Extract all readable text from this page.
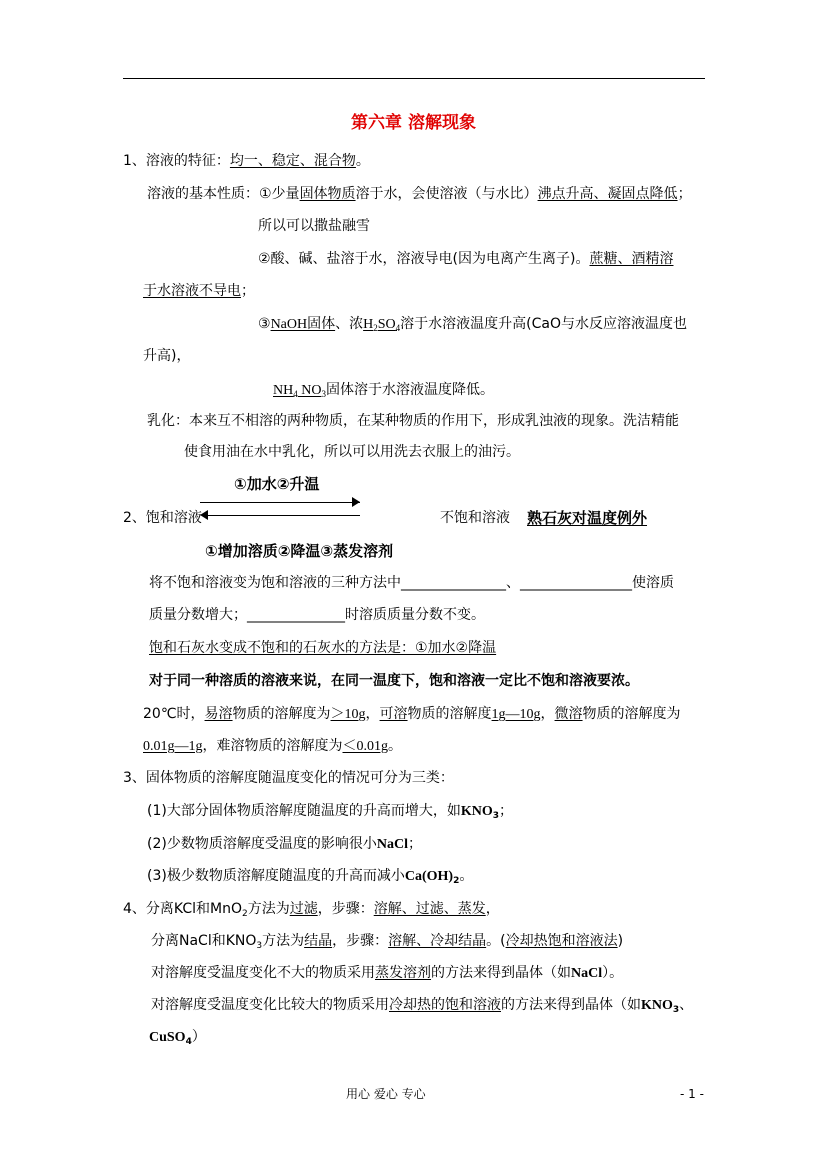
第六章 溶解现象
1、溶液的特征：均一、稳定、混合物。
溶液的基本性质：①少量固体物质溶于水，会使溶液（与水比）沸点升高、凝固点降低；
所以可以撒盐融雪
②酸、碱、盐溶于水，溶液导电(因为电离产生离子)。蔗糖、酒精溶
于水溶液不导电；
③NaOH固体、浓$H_2SO_4$溶于水溶液温度升高(CaO与水反应溶液温度也
升高)，
$NH_4$ $NO_3$固体溶于水溶液温度降低。
乳化：本来互不相溶的两种物质，在某种物质的作用下，形成乳浊液的现象。洗洁精能
使食用油在水中乳化，所以可以用洗去衣服上的油污。
①加水②升温
2、饱和溶液	不饱和溶液 熟石灰对温度例外
①增加溶质②降温③蒸发溶剂
将不饱和溶液变为饱和溶液的三种方法中_______________、________________使溶质
质量分数增大；______________时溶质质量分数不变。
饱和石灰水变成不饱和的石灰水的方法是：①加水②降温
对于同一种溶质的溶液来说，在同一温度下，饱和溶液一定比不饱和溶液要浓。
20℃时，易溶物质的溶解度为＞10g，可溶物质的溶解度1g—10g，微溶物质的溶解度为
0.01g—1g，难溶物质的溶解度为＜0.01g。
3、固体物质的溶解度随温度变化的情况可分为三类：
(1)大部分固体物质溶解度随温度的升高而增大，如$KNO_3$；
(2)少数物质溶解度受温度的影响很小NaCl；
(3)极少数物质溶解度随温度的升高而减小$Ca(OH)_2$。
4、分离KCl和MnO$_2$方法为过滤，步骤：溶解、过滤、蒸发，
分离NaCl和$KNO_3$方法为结晶，步骤：溶解、冷却结晶。(冷却热饱和溶液法)
对溶解度受温度变化不大的物质采用蒸发溶剂的方法来得到晶体（如NaCl）。
对溶解度受温度变化比较大的物质采用冷却热的饱和溶液的方法来得到晶体（如$KNO_3$、
CuSO$_4$）
用心 爱心 专心	- 1 -
